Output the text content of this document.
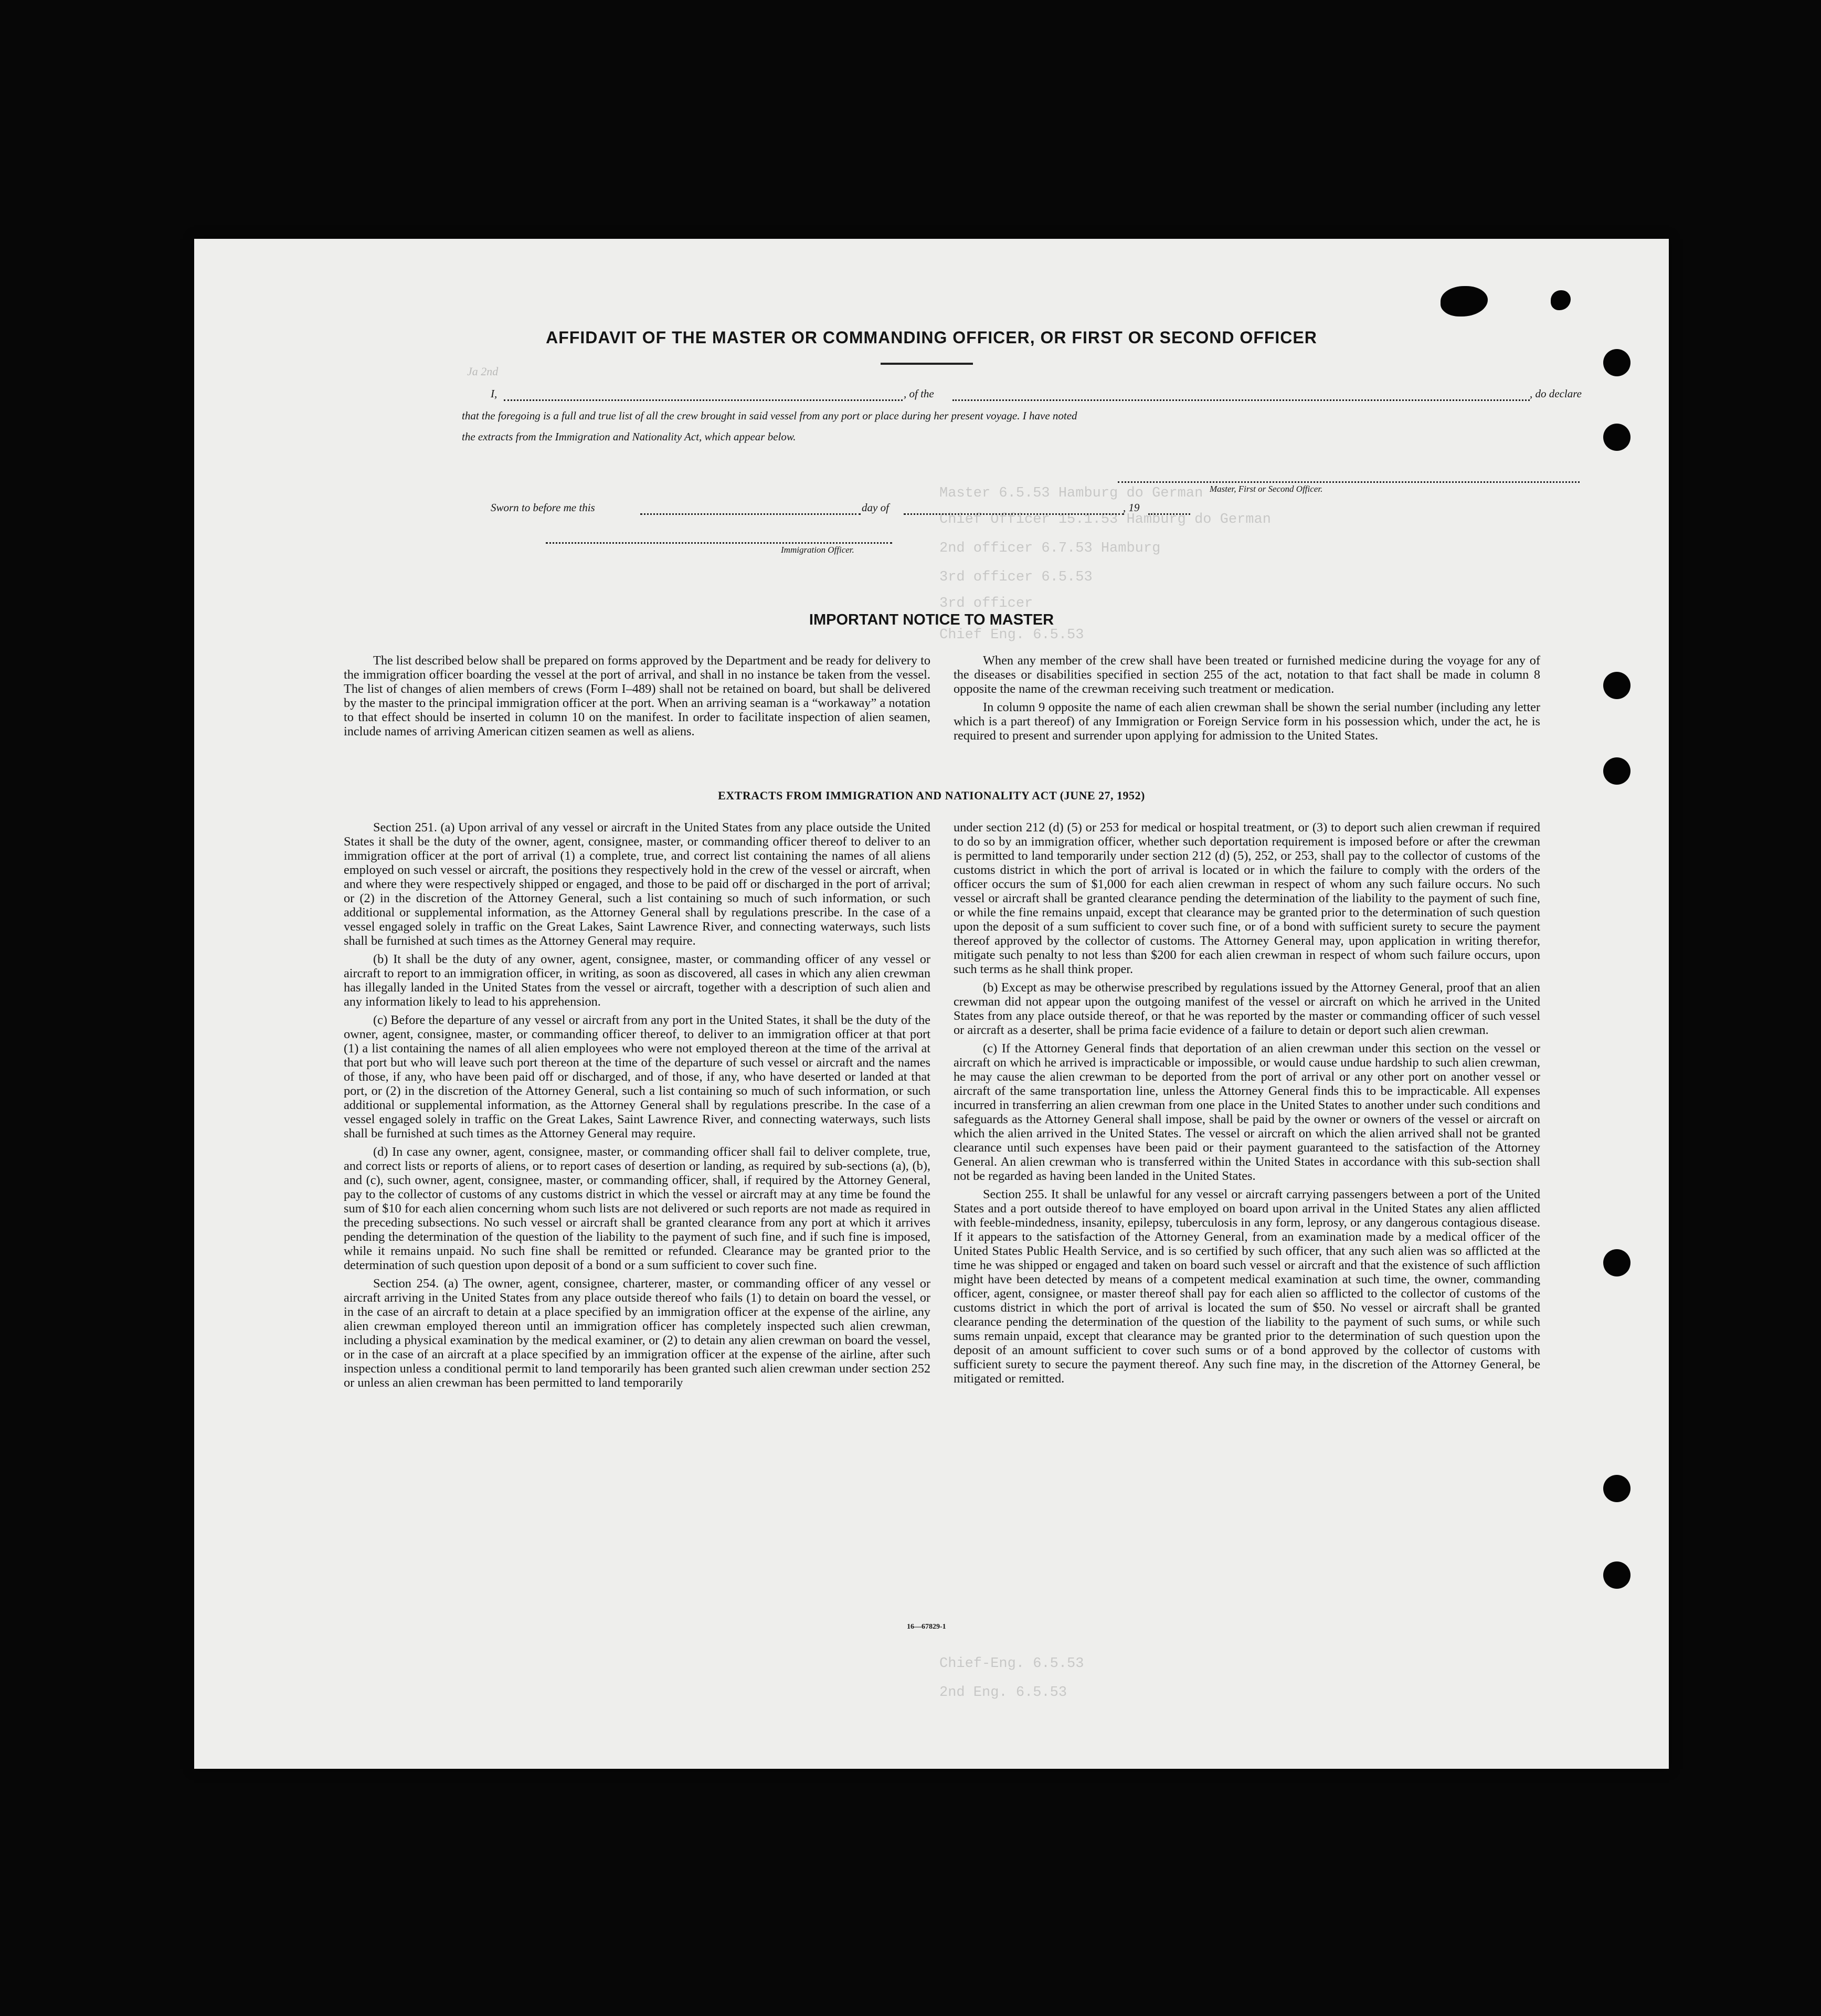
Master 6.5.53 Hamburg do German
Chief Officer 15.1.53 Hamburg do German
2nd officer 6.7.53 Hamburg
3rd officer 6.5.53
3rd officer
Chief Eng. 6.5.53
Chief-Eng. 6.5.53
2nd Eng. 6.5.53
Ja 2nd
AFFIDAVIT OF THE MASTER OR COMMANDING OFFICER, OR FIRST OR SECOND OFFICER
I,	, of the	, do declare
that the foregoing is a full and true list of all the crew brought in said vessel from any port or place during her present voyage. I have noted
the extracts from the Immigration and Nationality Act, which appear below.
Master, First or Second Officer.
Sworn to before me this	day of	, 19
Immigration Officer.
IMPORTANT NOTICE TO MASTER

The list described below shall be prepared on forms approved by the Department and be ready for delivery to the immigration officer boarding the vessel at the port of arrival, and shall in no instance be taken from the vessel. The list of changes of alien members of crews (Form I–489) shall not be retained on board, but shall be delivered by the master to the principal immigration officer at the port. When an arriving seaman is a “workaway” a notation to that effect should be inserted in column 10 on the manifest. In order to facilitate inspection of alien seamen, include names of arriving American citizen seamen as well as aliens.

When any member of the crew shall have been treated or furnished medicine during the voyage for any of the diseases or disabilities specified in section 255 of the act, notation to that fact shall be made in column 8 opposite the name of the crewman receiving such treatment or medication.

In column 9 opposite the name of each alien crewman shall be shown the serial number (including any letter which is a part thereof) of any Immigration or Foreign Service form in his possession which, under the act, he is required to present and surrender upon applying for admission to the United States.

EXTRACTS FROM IMMIGRATION AND NATIONALITY ACT (JUNE 27, 1952)

Section 251. (a) Upon arrival of any vessel or aircraft in the United States from any place outside the United States it shall be the duty of the owner, agent, consignee, master, or commanding officer thereof to deliver to an immigration officer at the port of arrival (1) a complete, true, and correct list containing the names of all aliens employed on such vessel or aircraft, the positions they respectively hold in the crew of the vessel or aircraft, when and where they were respectively shipped or engaged, and those to be paid off or discharged in the port of arrival; or (2) in the discretion of the Attorney General, such a list containing so much of such information, or such additional or supplemental information, as the Attorney General shall by regulations prescribe. In the case of a vessel engaged solely in traffic on the Great Lakes, Saint Lawrence River, and connecting waterways, such lists shall be furnished at such times as the Attorney General may require.

(b) It shall be the duty of any owner, agent, consignee, master, or commanding officer of any vessel or aircraft to report to an immigration officer, in writing, as soon as discovered, all cases in which any alien crewman has illegally landed in the United States from the vessel or aircraft, together with a description of such alien and any information likely to lead to his apprehension.

(c) Before the departure of any vessel or aircraft from any port in the United States, it shall be the duty of the owner, agent, consignee, master, or commanding officer thereof, to deliver to an immigration officer at that port (1) a list containing the names of all alien employees who were not employed thereon at the time of the arrival at that port but who will leave such port thereon at the time of the departure of such vessel or aircraft and the names of those, if any, who have been paid off or discharged, and of those, if any, who have deserted or landed at that port, or (2) in the discretion of the Attorney General, such a list containing so much of such information, or such additional or supplemental information, as the Attorney General shall by regulations prescribe. In the case of a vessel engaged solely in traffic on the Great Lakes, Saint Lawrence River, and connecting waterways, such lists shall be furnished at such times as the Attorney General may require.

(d) In case any owner, agent, consignee, master, or commanding officer shall fail to deliver complete, true, and correct lists or reports of aliens, or to report cases of desertion or landing, as required by sub-sections (a), (b), and (c), such owner, agent, consignee, master, or commanding officer, shall, if required by the Attorney General, pay to the collector of customs of any customs district in which the vessel or aircraft may at any time be found the sum of $10 for each alien concerning whom such lists are not delivered or such reports are not made as required in the preceding subsections. No such vessel or aircraft shall be granted clearance from any port at which it arrives pending the determination of the question of the liability to the payment of such fine, and if such fine is imposed, while it remains unpaid. No such fine shall be remitted or refunded. Clearance may be granted prior to the determination of such question upon deposit of a bond or a sum sufficient to cover such fine.

Section 254. (a) The owner, agent, consignee, charterer, master, or commanding officer of any vessel or aircraft arriving in the United States from any place outside thereof who fails (1) to detain on board the vessel, or in the case of an aircraft to detain at a place specified by an immigration officer at the expense of the airline, any alien crewman employed thereon until an immigration officer has completely inspected such alien crewman, including a physical examination by the medical examiner, or (2) to detain any alien crewman on board the vessel, or in the case of an aircraft at a place specified by an immigration officer at the expense of the airline, after such inspection unless a conditional permit to land temporarily has been granted such alien crewman under section 252 or unless an alien crewman has been permitted to land temporarily

under section 212 (d) (5) or 253 for medical or hospital treatment, or (3) to deport such alien crewman if required to do so by an immigration officer, whether such deportation requirement is imposed before or after the crewman is permitted to land temporarily under section 212 (d) (5), 252, or 253, shall pay to the collector of customs of the customs district in which the port of arrival is located or in which the failure to comply with the orders of the officer occurs the sum of $1,000 for each alien crewman in respect of whom any such failure occurs. No such vessel or aircraft shall be granted clearance pending the determination of the liability to the payment of such fine, or while the fine remains unpaid, except that clearance may be granted prior to the determination of such question upon the deposit of a sum sufficient to cover such fine, or of a bond with sufficient surety to secure the payment thereof approved by the collector of customs. The Attorney General may, upon application in writing therefor, mitigate such penalty to not less than $200 for each alien crewman in respect of whom such failure occurs, upon such terms as he shall think proper.

(b) Except as may be otherwise prescribed by regulations issued by the Attorney General, proof that an alien crewman did not appear upon the outgoing manifest of the vessel or aircraft on which he arrived in the United States from any place outside thereof, or that he was reported by the master or commanding officer of such vessel or aircraft as a deserter, shall be prima facie evidence of a failure to detain or deport such alien crewman.

(c) If the Attorney General finds that deportation of an alien crewman under this section on the vessel or aircraft on which he arrived is impracticable or impossible, or would cause undue hardship to such alien crewman, he may cause the alien crewman to be deported from the port of arrival or any other port on another vessel or aircraft of the same transportation line, unless the Attorney General finds this to be impracticable. All expenses incurred in transferring an alien crewman from one place in the United States to another under such conditions and safeguards as the Attorney General shall impose, shall be paid by the owner or owners of the vessel or aircraft on which the alien arrived in the United States. The vessel or aircraft on which the alien arrived shall not be granted clearance until such expenses have been paid or their payment guaranteed to the satisfaction of the Attorney General. An alien crewman who is transferred within the United States in accordance with this sub-section shall not be regarded as having been landed in the United States.

Section 255. It shall be unlawful for any vessel or aircraft carrying passengers between a port of the United States and a port outside thereof to have employed on board upon arrival in the United States any alien afflicted with feeble-mindedness, insanity, epilepsy, tuberculosis in any form, leprosy, or any dangerous contagious disease. If it appears to the satisfaction of the Attorney General, from an examination made by a medical officer of the United States Public Health Service, and is so certified by such officer, that any such alien was so afflicted at the time he was shipped or engaged and taken on board such vessel or aircraft and that the existence of such affliction might have been detected by means of a competent medical examination at such time, the owner, commanding officer, agent, consignee, or master thereof shall pay for each alien so afflicted to the collector of customs of the customs district in which the port of arrival is located the sum of $50. No vessel or aircraft shall be granted clearance pending the determination of the question of the liability to the payment of such sums, or while such sums remain unpaid, except that clearance may be granted prior to the determination of such question upon the deposit of an amount sufficient to cover such sums or of a bond approved by the collector of customs with sufficient surety to secure the payment thereof. Any such fine may, in the discretion of the Attorney General, be mitigated or remitted.

16—67829-1
